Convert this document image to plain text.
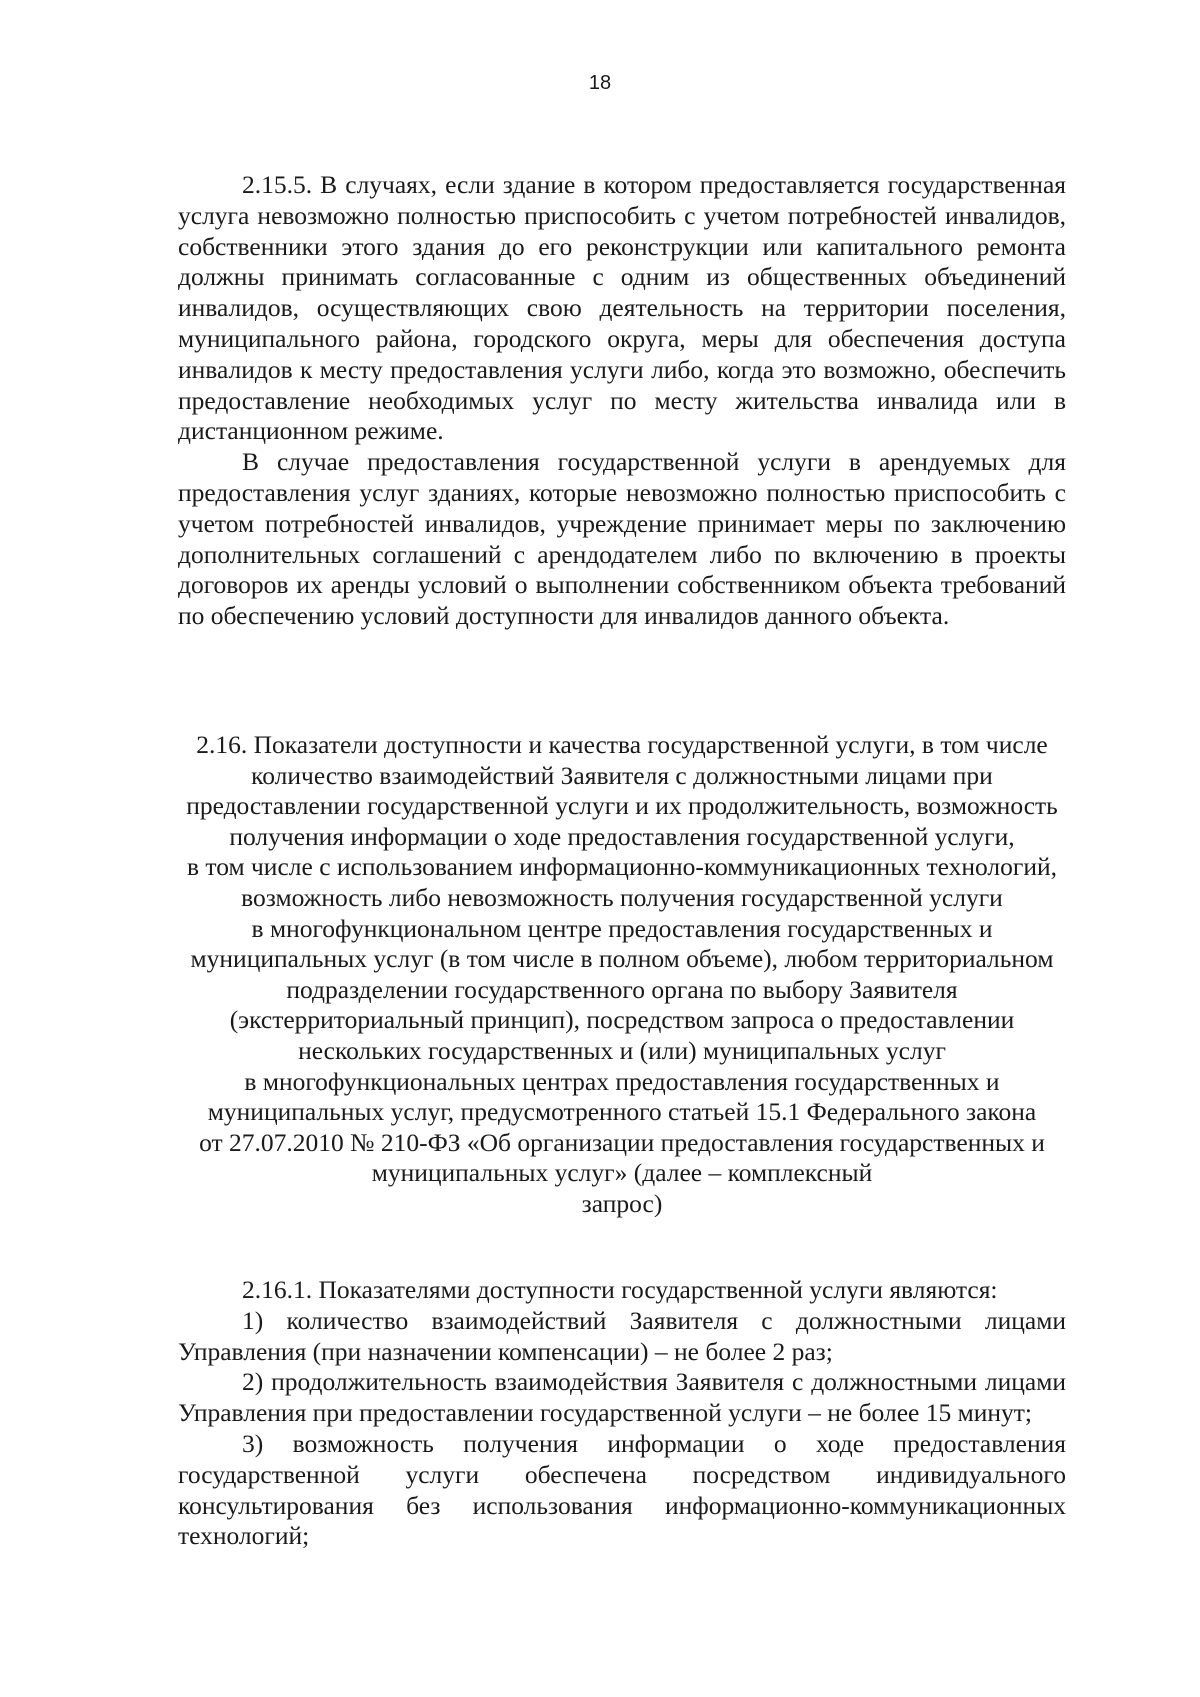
18

2.15.5. В случаях, если здание в котором предоставляется государственная услуга невозможно полностью приспособить с учетом потребностей инвалидов, собственники этого здания до его реконструкции или капитального ремонта должны принимать согласованные с одним из общественных объединений инвалидов, осуществляющих свою деятельность на территории поселения, муниципального района, городского округа, меры для обеспечения доступа инвалидов к месту предоставления услуги либо, когда это возможно, обеспечить предоставление необходимых услуг по месту жительства инвалида или в дистанционном режиме.

В случае предоставления государственной услуги в арендуемых для предоставления услуг зданиях, которые невозможно полностью приспособить с учетом потребностей инвалидов, учреждение принимает меры по заключению дополнительных соглашений с арендодателем либо по включению в проекты договоров их аренды условий о выполнении собственником объекта требований по обеспечению условий доступности для инвалидов данного объекта.

2.16. Показатели доступности и качества государственной услуги, в том числе
количество взаимодействий Заявителя с должностными лицами при
предоставлении государственной услуги и их продолжительность, возможность
получения информации о ходе предоставления государственной услуги,
в том числе с использованием информационно-коммуникационных технологий,
возможность либо невозможность получения государственной услуги
в многофункциональном центре предоставления государственных и
муниципальных услуг (в том числе в полном объеме), любом территориальном
подразделении государственного органа по выбору Заявителя
(экстерриториальный принцип), посредством запроса о предоставлении
нескольких государственных и (или) муниципальных услуг
в многофункциональных центрах предоставления государственных и
муниципальных услуг, предусмотренного статьей 15.1 Федерального закона
от 27.07.2010 № 210-ФЗ «Об организации предоставления государственных и
муниципальных услуг» (далее – комплексный
запрос)

2.16.1. Показателями доступности государственной услуги являются:

1) количество взаимодействий Заявителя с должностными лицами Управления (при назначении компенсации) – не более 2 раз;

2) продолжительность взаимодействия Заявителя с должностными лицами Управления при предоставлении государственной услуги – не более 15 минут;

3) возможность получения информации о ходе предоставления государственной услуги обеспечена посредством индивидуального консультирования без использования информационно-коммуникационных технологий;
